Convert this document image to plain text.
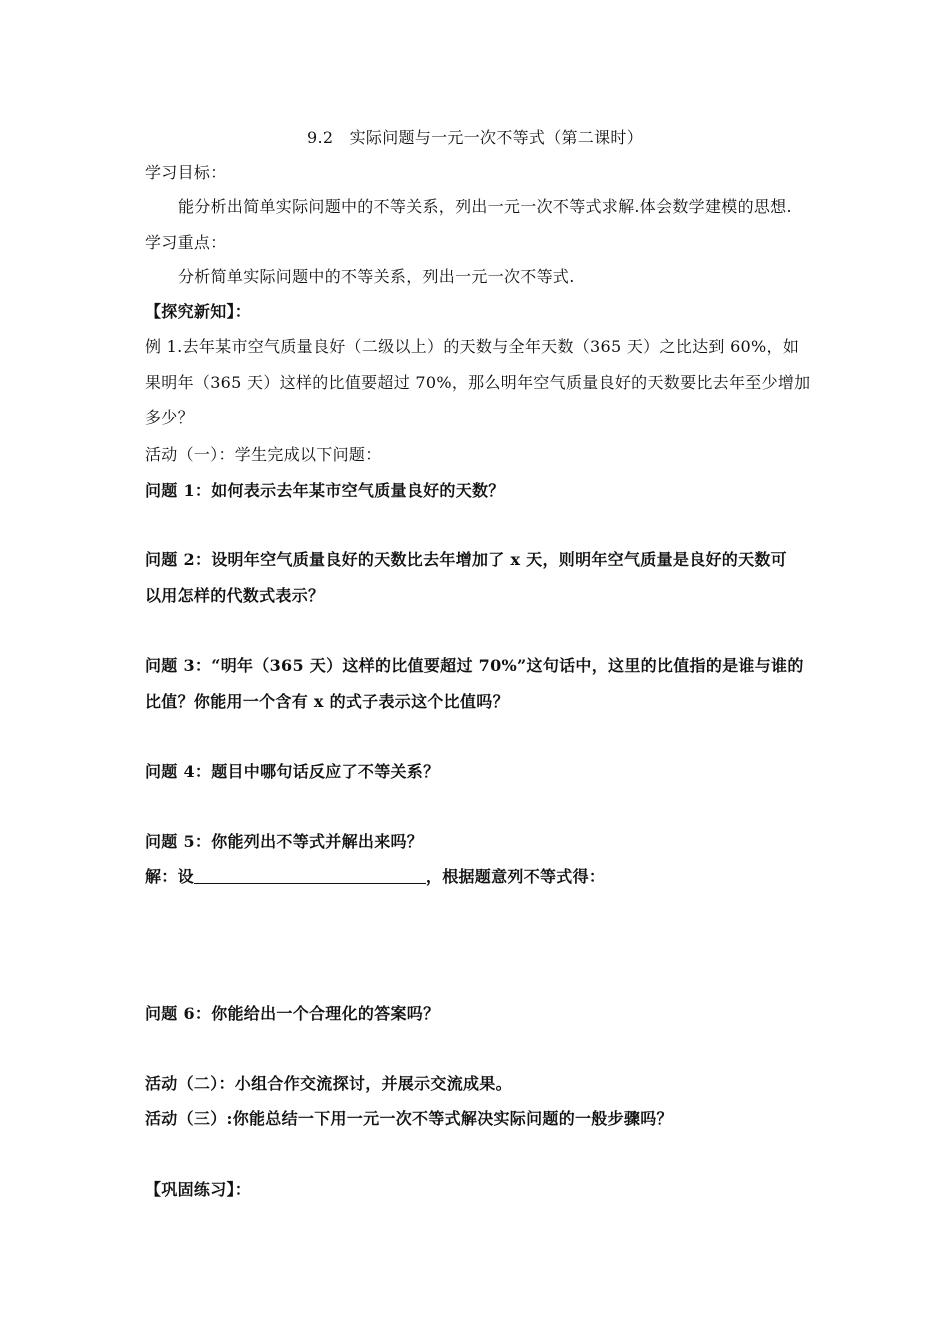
9.2　实际问题与一元一次不等式（第二课时）
学习目标：
能分析出简单实际问题中的不等关系，列出一元一次不等式求解.体会数学建模的思想.
学习重点：
分析简单实际问题中的不等关系，列出一元一次不等式.
【探究新知】：
例 1.去年某市空气质量良好（二级以上）的天数与全年天数（365 天）之比达到 60%，如
果明年（365 天）这样的比值要超过 70%，那么明年空气质量良好的天数要比去年至少增加
多少？
活动（一）：学生完成以下问题：
问题 1：如何表示去年某市空气质量良好的天数？
问题 2：设明年空气质量良好的天数比去年增加了 x 天，则明年空气质量是良好的天数可
以用怎样的代数式表示？
问题 3：“明年（365 天）这样的比值要超过 70%”这句话中，这里的比值指的是谁与谁的
比值？你能用一个含有 x 的式子表示这个比值吗？
问题 4：题目中哪句话反应了不等关系？
问题 5：你能列出不等式并解出来吗？
解：设	，根据题意列不等式得：
问题 6：你能给出一个合理化的答案吗？
活动（二）：小组合作交流探讨，并展示交流成果。
活动（三）:你能总结一下用一元一次不等式解决实际问题的一般步骤吗？
【巩固练习】：
